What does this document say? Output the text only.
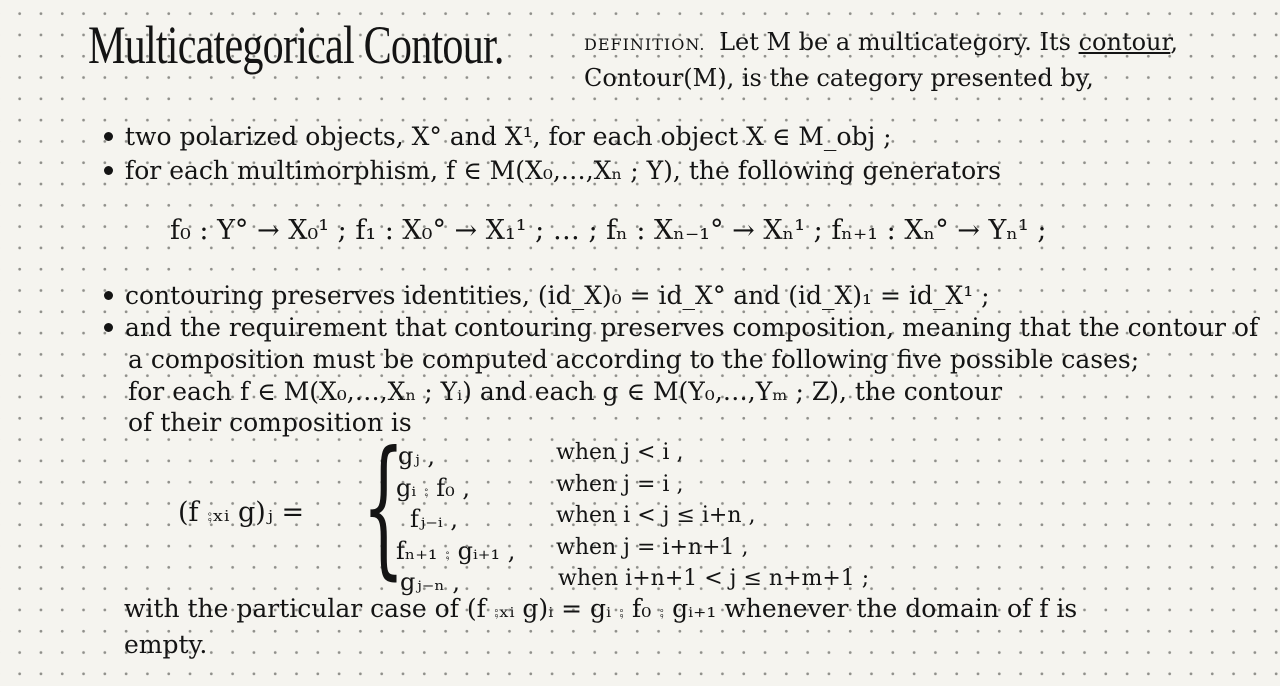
Multicategorical Contour.	DEFINITION. Let M be a multicategory. Its contour,
Contour(M), is the category presented by,
two polarized objects, X° and X¹, for each object X ∈ M_obj ;
for each multimorphism, f ∈ M(X₀,…,Xₙ ; Y), the following generators
f₀ : Y° → X₀¹ ; f₁ : X₀° → X₁¹ ; … ; fₙ : Xₙ₋₁° → Xₙ¹ ; fₙ₊₁ : Xₙ° → Yₙ¹ ;
contouring preserves identities, (id_X)₀ = id_X° and (id_X)₁ = id_X¹ ;
and the requirement that contouring preserves composition, meaning that the contour of
a composition must be computed according to the following five possible cases;
for each f ∈ M(X₀,…,Xₙ ; Yᵢ) and each g ∈ M(Y₀,…,Yₘ ; Z), the contour
of their composition is
(f ⨾ₓᵢ g)ⱼ = {
gⱼ ,	when j < i ,
gᵢ ⨾ f₀ ,	when j = i ,
fⱼ₋ᵢ ,	when i < j ≤ i+n ,
fₙ₊₁ ⨾ gᵢ₊₁ , when j = i+n+1 ,
gⱼ₋ₙ ,	when i+n+1 < j ≤ n+m+1 ;
with the particular case of (f ⨾ₓᵢ g)ᵢ = gᵢ ⨾ f₀ ⨾ gᵢ₊₁ whenever the domain of f is
empty.
